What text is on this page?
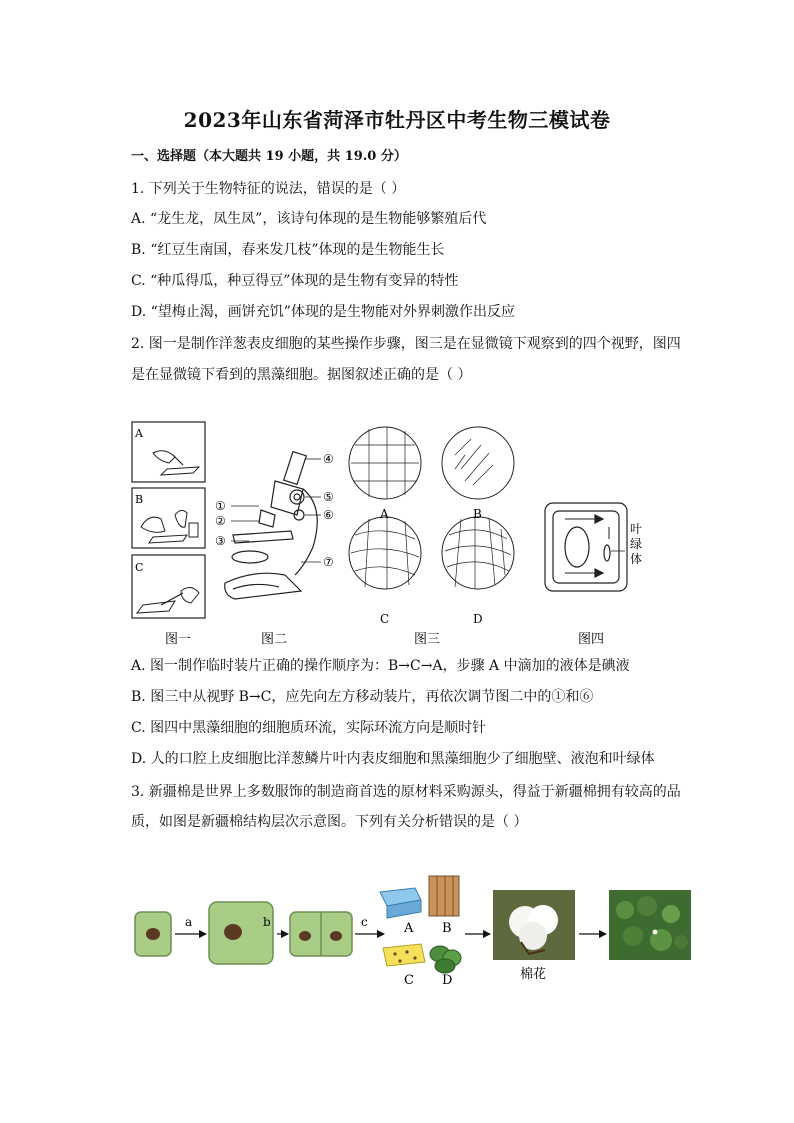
2023年山东省菏泽市牡丹区中考生物三模试卷
一、选择题（本大题共 19 小题，共 19.0 分）
1. 下列关于生物特征的说法，错误的是（ ）
A. “龙生龙，凤生凤”，该诗句体现的是生物能够繁殖后代
B. “红豆生南国，春来发几枝”体现的是生物能生长
C. “种瓜得瓜，种豆得豆”体现的是生物有变异的特性
D. “望梅止渴，画饼充饥”体现的是生物能对外界刺激作出反应
2. 图一是制作洋葱表皮细胞的某些操作步骤，图三是在显微镜下观察到的四个视野，图四
是在显微镜下看到的黑藻细胞。据图叙述正确的是（ ）
A
B
C
①
②
③
④
⑤
⑥
⑦
A	B
C	D
叶
绿
体
图一	图二	图三	图四
A. 图一制作临时装片正确的操作顺序为：B→C→A，步骤 A 中滴加的液体是碘液
B. 图三中从视野 B→C，应先向左方移动装片，再依次调节图二中的①和⑥
C. 图四中黑藻细胞的细胞质环流，实际环流方向是顺时针
D. 人的口腔上皮细胞比洋葱鳞片叶内表皮细胞和黑藻细胞少了细胞壁、液泡和叶绿体
3. 新疆棉是世界上多数服饰的制造商首选的原材料采购源头，得益于新疆棉拥有较高的品
质，如图是新疆棉结构层次示意图。下列有关分析错误的是（ ）
a	b	c	A B
C D	棉花
